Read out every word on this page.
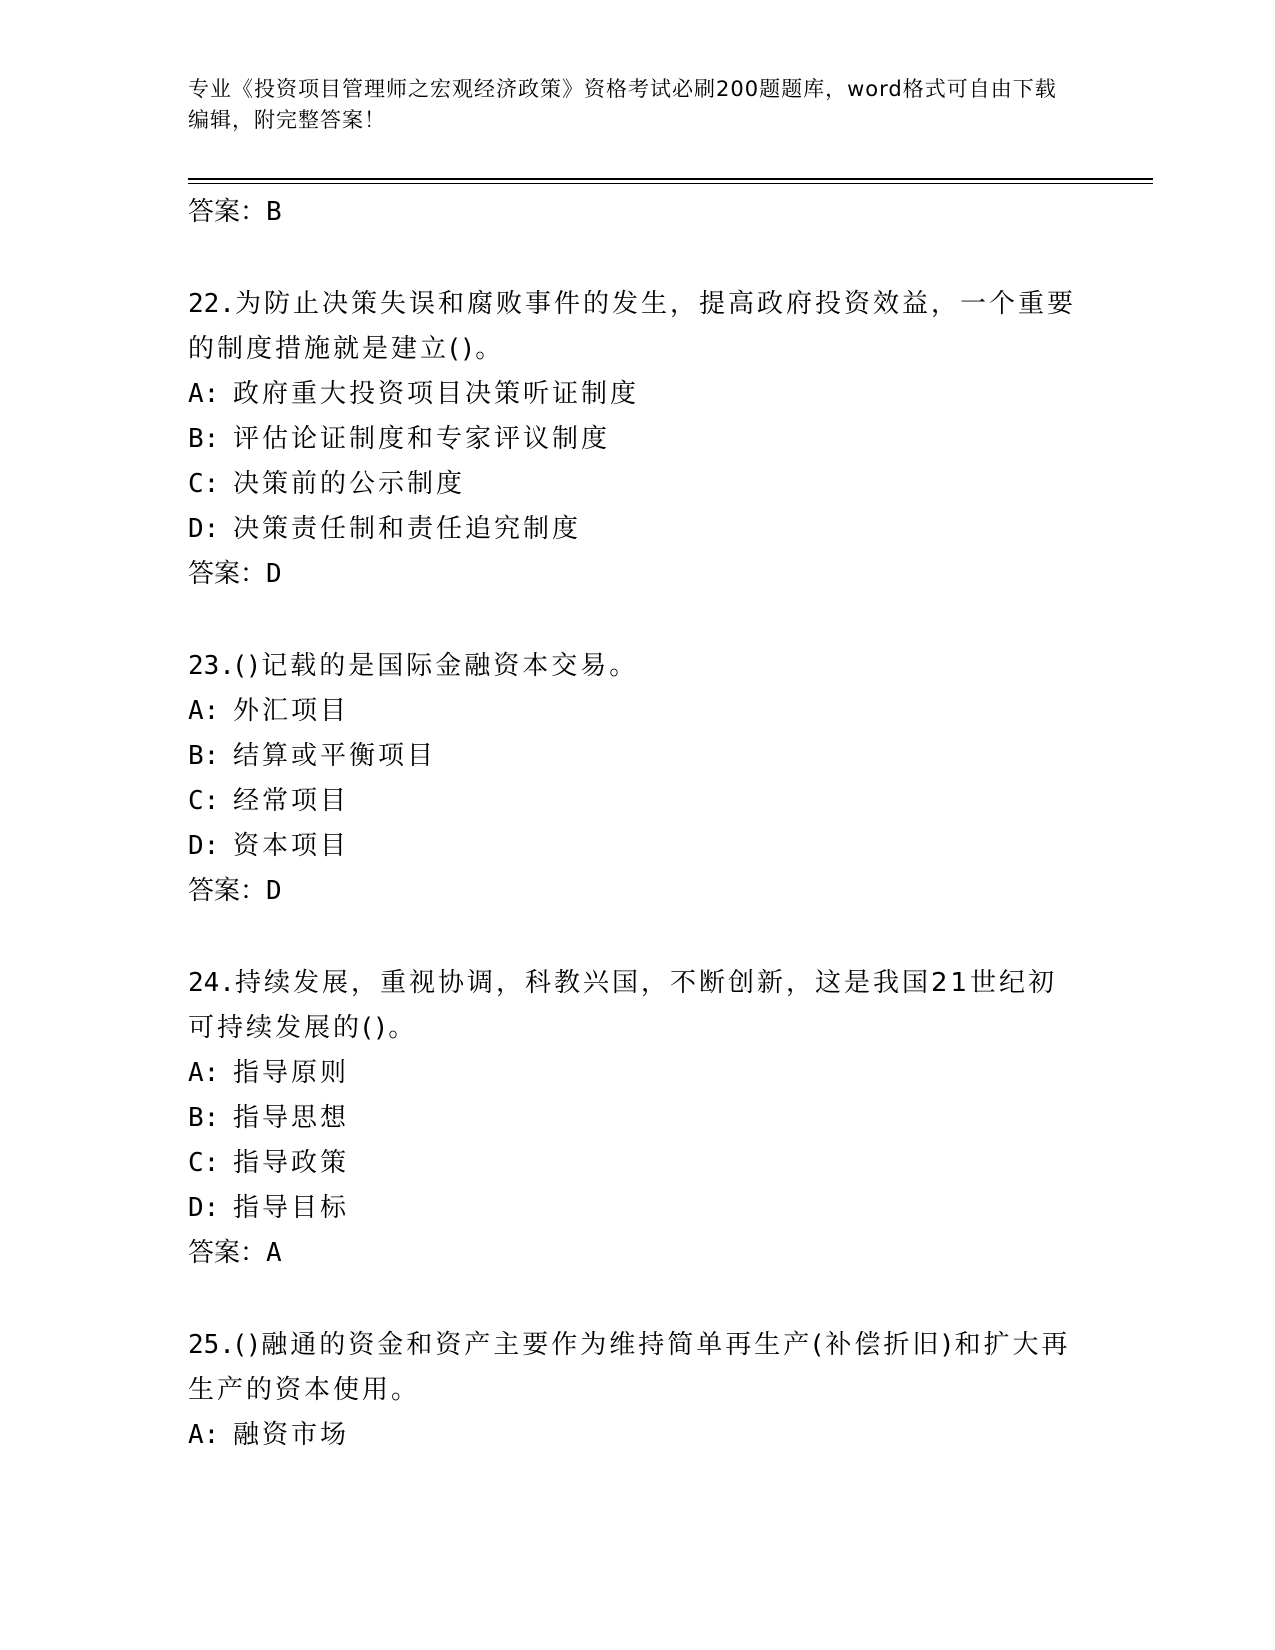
专业《投资项目管理师之宏观经济政策》资格考试必刷200题题库，word格式可自由下载编辑，附完整答案！
答案：B
22.为防止决策失误和腐败事件的发生，提高政府投资效益，一个重要的制度措施就是建立()。
A: 政府重大投资项目决策听证制度
B: 评估论证制度和专家评议制度
C: 决策前的公示制度
D: 决策责任制和责任追究制度
答案：D
23.()记载的是国际金融资本交易。
A: 外汇项目
B: 结算或平衡项目
C: 经常项目
D: 资本项目
答案：D
24.持续发展，重视协调，科教兴国，不断创新，这是我国21世纪初可持续发展的()。
A: 指导原则
B: 指导思想
C: 指导政策
D: 指导目标
答案：A
25.()融通的资金和资产主要作为维持简单再生产(补偿折旧)和扩大再生产的资本使用。
A: 融资市场
